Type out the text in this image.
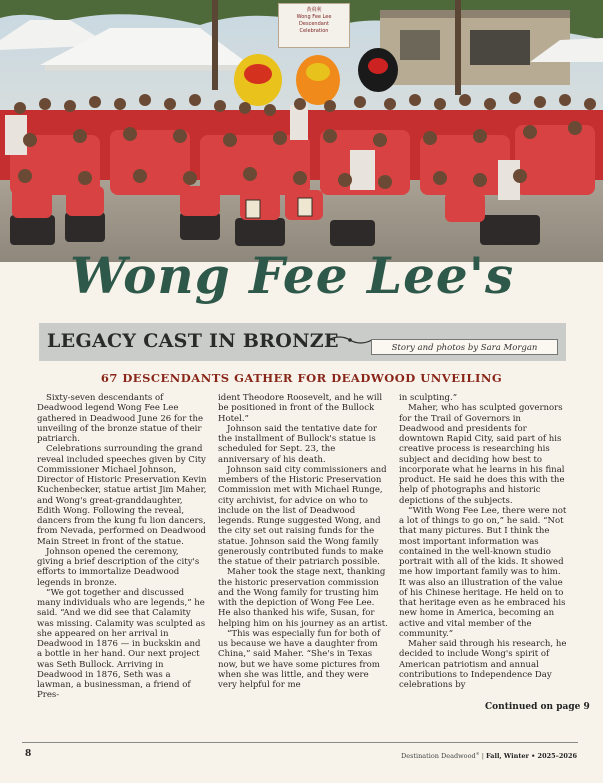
黃飛利
Wong Fee Lee
Descendant
Celebration
Wong Fee Lee's
LEGACY CAST IN BRONZE	Story and photos by Sara Morgan
67 DESCENDANTS GATHER FOR DEADWOOD UNVEILING

Sixty-seven descendants of Deadwood legend Wong Fee Lee gathered in Deadwood June 26 for the unveiling of the bronze statue of their patriarch.

Celebrations surrounding the grand reveal included speeches given by City Commissioner Michael Johnson, Director of Historic Preservation Kevin Kuchenbecker, statue artist Jim Maher, and Wong's great-granddaughter, Edith Wong. Following the reveal, dancers from the kung fu lion dancers, from Nevada, performed on Deadwood Main Street in front of the statue.

Johnson opened the ceremony, giving a brief description of the city's efforts to immortalize Deadwood legends in bronze.

“We got together and discussed many individuals who are legends,” he said. “And we did see that Calamity was missing. Calamity was sculpted as she appeared on her arrival in Deadwood in 1876 — in buckskin and a bottle in her hand. Our next project was Seth Bullock. Arriving in Deadwood in 1876, Seth was a lawman, a businessman, a friend of Pres-

ident Theodore Roosevelt, and he will be positioned in front of the Bullock Hotel.”

Johnson said the tentative date for the installment of Bullock's statue is scheduled for Sept. 23, the anniversary of his death.

Johnson said city commissioners and members of the Historic Preservation Commission met with Michael Runge, city archivist, for advice on who to include on the list of Deadwood legends. Runge suggested Wong, and the city set out raising funds for the statue. Johnson said the Wong family generously contributed funds to make the statue of their patriarch possible.

Maher took the stage next, thanking the historic preservation commission and the Wong family for trusting him with the depiction of Wong Fee Lee. He also thanked his wife, Susan, for helping him on his journey as an artist.

“This was especially fun for both of us because we have a daughter from China,” said Maher. “She's in Texas now, but we have some pictures from when she was little, and they were very helpful for me

in sculpting.”

Maher, who has sculpted governors for the Trail of Governors in Deadwood and presidents for downtown Rapid City, said part of his creative process is researching his subject and deciding how best to incorporate what he learns in his final product. He said he does this with the help of photographs and historic depictions of the subjects.

“With Wong Fee Lee, there were not a lot of things to go on,” he said. “Not that many pictures. But I think the most important information was contained in the well-known studio portrait with all of the kids. It showed me how important family was to him. It was also an illustration of the value of his Chinese heritage. He held on to that heritage even as he embraced his new home in America, becoming an active and vital member of the community.”

Maher said through his research, he decided to include Wong's spirit of American patriotism and annual contributions to Independence Day celebrations by

Continued on page 9
8	Destination Deadwood® | Fall, Winter • 2025–2026
